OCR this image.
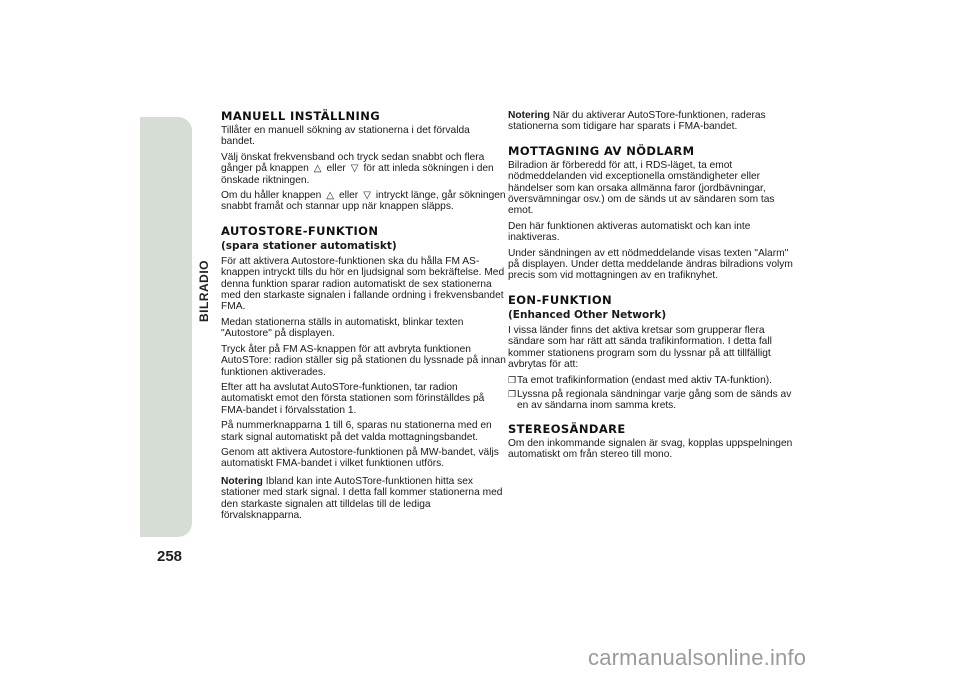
BILRADIO
258
MANUELL INSTÄLLNING

Tillåter en manuell sökning av stationerna i det förvalda bandet.

Välj önskat frekvensband och tryck sedan snabbt och flera gånger på knappen △ eller ▽ för att inleda sökningen i den önskade riktningen.

Om du håller knappen △ eller ▽ intryckt länge, går sökningen snabbt framåt och stannar upp när knappen släpps.

AUTOSTORE-FUNKTION
(spara stationer automatiskt)

För att aktivera Autostore-funktionen ska du hålla FM AS-knappen intryckt tills du hör en ljudsignal som bekräftelse. Med denna funktion sparar radion automatiskt de sex stationerna med den starkaste signalen i fallande ordning i frekvensbandet FMA.

Medan stationerna ställs in automatiskt, blinkar texten "Autostore" på displayen.

Tryck åter på FM AS-knappen för att avbryta funktionen AutoSTore: radion ställer sig på stationen du lyssnade på innan funktionen aktiverades.

Efter att ha avslutat AutoSTore-funktionen, tar radion automatiskt emot den första stationen som förinställdes på FMA-bandet i förvalsstation 1.

På nummerknapparna 1 till 6, sparas nu stationerna med en stark signal automatiskt på det valda mottagningsbandet.

Genom att aktivera Autostore-funktionen på MW-bandet, väljs automatiskt FMA-bandet i vilket funktionen utförs.

Notering Ibland kan inte AutoSTore-funktionen hitta sex stationer med stark signal. I detta fall kommer stationerna med den starkaste signalen att tilldelas till de lediga förvalsknapparna.

Notering När du aktiverar AutoSTore-funktionen, raderas stationerna som tidigare har sparats i FMA-bandet.

MOTTAGNING AV NÖDLARM

Bilradion är förberedd för att, i RDS-läget, ta emot nödmeddelanden vid exceptionella omständigheter eller händelser som kan orsaka allmänna faror (jordbävningar, översvämningar osv.) om de sänds ut av sändaren som tas emot.

Den här funktionen aktiveras automatiskt och kan inte inaktiveras.

Under sändningen av ett nödmeddelande visas texten "Alarm" på displayen. Under detta meddelande ändras bilradions volym precis som vid mottagningen av en trafiknyhet.

EON-FUNKTION
(Enhanced Other Network)

I vissa länder finns det aktiva kretsar som grupperar flera sändare som har rätt att sända trafikinformation. I detta fall kommer stationens program som du lyssnar på att tillfälligt avbrytas för att:

❒ Ta emot trafikinformation (endast med aktiv TA-funktion).
❒ Lyssna på regionala sändningar varje gång som de sänds av en av sändarna inom samma krets.
STEREOSÄNDARE

Om den inkommande signalen är svag, kopplas uppspelningen automatiskt om från stereo till mono.

carmanualsonline.info
